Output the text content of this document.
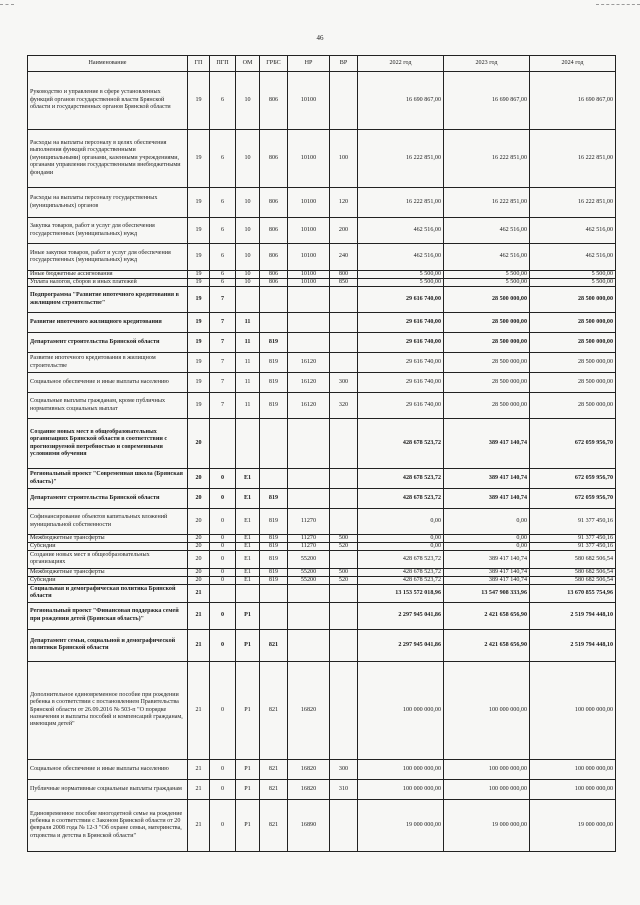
46
Наименование	ГП	ПГП	ОМ	ГРБС	НР	ВР	2022 год	2023 год	2024 год
Руководство и управление в сфере установленных функций органов государственной власти Брянской области и государственных органов Брянской области	19	6	10	806	10100		16 690 867,00	16 690 867,00	16 690 867,00
Расходы на выплаты персоналу в целях обеспечения выполнения функций государственными (муниципальными) органами, казенными учреждениями, органами управления государственными внебюджетными фондами	19	6	10	806	10100	100	16 222 851,00	16 222 851,00	16 222 851,00
Расходы на выплаты персоналу государственных (муниципальных) органов	19	6	10	806	10100	120	16 222 851,00	16 222 851,00	16 222 851,00
Закупка товаров, работ и услуг для обеспечения государственных (муниципальных) нужд	19	6	10	806	10100	200	462 516,00	462 516,00	462 516,00
Иные закупки товаров, работ и услуг для обеспечения государственных (муниципальных) нужд	19	6	10	806	10100	240	462 516,00	462 516,00	462 516,00
Иные бюджетные ассигнования	19	6	10	806	10100	800	5 500,00	5 500,00	5 500,00
Уплата налогов, сборов и иных платежей	19	6	10	806	10100	850	5 500,00	5 500,00	5 500,00
Подпрограмма "Развитие ипотечного кредитования в жилищном строительстве"	19	7					29 616 740,00	28 500 000,00	28 500 000,00
Развитие ипотечного жилищного кредитования	19	7	11				29 616 740,00	28 500 000,00	28 500 000,00
Департамент строительства Брянской области	19	7	11	819			29 616 740,00	28 500 000,00	28 500 000,00
Развитие ипотечного кредитования в жилищном строительстве	19	7	11	819	16120		29 616 740,00	28 500 000,00	28 500 000,00
Социальное обеспечение и иные выплаты населению	19	7	11	819	16120	300	29 616 740,00	28 500 000,00	28 500 000,00
Социальные выплаты гражданам, кроме публичных нормативных социальных выплат	19	7	11	819	16120	320	29 616 740,00	28 500 000,00	28 500 000,00
Создание новых мест в общеобразовательных организациях Брянской области в соответствии с прогнозируемой потребностью и современными условиями обучения	20						428 678 523,72	389 417 140,74	672 059 956,70
Региональный проект "Современная школа (Брянская область)"	20	0	E1				428 678 523,72	389 417 140,74	672 059 956,70
Департамент строительства Брянской области	20	0	E1	819			428 678 523,72	389 417 140,74	672 059 956,70
Софинансирование объектов капитальных вложений муниципальной собственности	20	0	E1	819	11270		0,00	0,00	91 377 450,16
Межбюджетные трансферты	20	0	E1	819	11270	500	0,00	0,00	91 377 450,16
Субсидии	20	0	E1	819	11270	520	0,00	0,00	91 377 450,16
Создание новых мест в общеобразовательных организациях	20	0	E1	819	55200		428 678 523,72	389 417 140,74	580 682 506,54
Межбюджетные трансферты	20	0	E1	819	55200	500	428 678 523,72	389 417 140,74	580 682 506,54
Субсидии	20	0	E1	819	55200	520	428 678 523,72	389 417 140,74	580 682 506,54
Социальная и демографическая политика Брянской области	21						13 153 572 018,96	13 547 908 333,96	13 670 855 754,96
Региональный проект "Финансовая поддержка семей при рождении детей (Брянская область)"	21	0	P1				2 297 945 041,86	2 421 658 656,90	2 519 794 448,10
Департамент семьи, социальной и демографической политики Брянской области	21	0	P1	821			2 297 945 041,86	2 421 658 656,90	2 519 794 448,10
Дополнительное единовременное пособие при рождении ребенка в соответствии с постановлением Правительства Брянской области от 26.09.2016 № 503-п "О порядке назначения и выплаты пособий и компенсаций гражданам, имеющим детей"	21	0	P1	821	16820		100 000 000,00	100 000 000,00	100 000 000,00
Социальное обеспечение и иные выплаты населению	21	0	P1	821	16820	300	100 000 000,00	100 000 000,00	100 000 000,00
Публичные нормативные социальные выплаты гражданам	21	0	P1	821	16820	310	100 000 000,00	100 000 000,00	100 000 000,00
Единовременное пособие многодетной семье на рождение ребенка в соответствии с Законом Брянской области от 20 февраля 2008 года № 12-З "Об охране семьи, материнства, отцовства и детства в Брянской области"	21	0	P1	821	16890		19 000 000,00	19 000 000,00	19 000 000,00
